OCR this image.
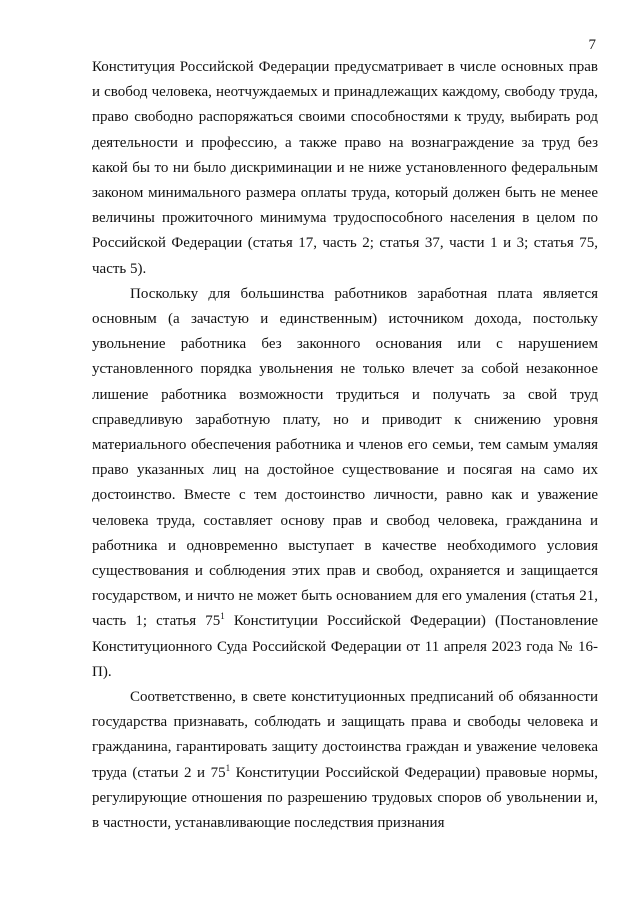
7

Конституция Российской Федерации предусматривает в числе основных прав и свобод человека, неотчуждаемых и принадлежащих каждому, свободу труда, право свободно распоряжаться своими способностями к труду, выбирать род деятельности и профессию, а также право на вознаграждение за труд без какой бы то ни было дискриминации и не ниже установленного федеральным законом минимального размера оплаты труда, который должен быть не менее величины прожиточного минимума трудоспособного населения в целом по Российской Федерации (статья 17, часть 2; статья 37, части 1 и 3; статья 75, часть 5).

Поскольку для большинства работников заработная плата является основным (а зачастую и единственным) источником дохода, постольку увольнение работника без законного основания или с нарушением установленного порядка увольнения не только влечет за собой незаконное лишение работника возможности трудиться и получать за свой труд справедливую заработную плату, но и приводит к снижению уровня материального обеспечения работника и членов его семьи, тем самым умаляя право указанных лиц на достойное существование и посягая на само их достоинство. Вместе с тем достоинство личности, равно как и уважение человека труда, составляет основу прав и свобод человека, гражданина и работника и одновременно выступает в качестве необходимого условия существования и соблюдения этих прав и свобод, охраняется и защищается государством, и ничто не может быть основанием для его умаления (статья 21, часть 1; статья $75^1$ Конституции Российской Федерации) (Постановление Конституционного Суда Российской Федерации от 11 апреля 2023 года № 16-П).

Соответственно, в свете конституционных предписаний об обязанности государства признавать, соблюдать и защищать права и свободы человека и гражданина, гарантировать защиту достоинства граждан и уважение человека труда (статьи 2 и $75^1$ Конституции Российской Федерации) правовые нормы, регулирующие отношения по разрешению трудовых споров об увольнении и, в частности, устанавливающие последствия признания
